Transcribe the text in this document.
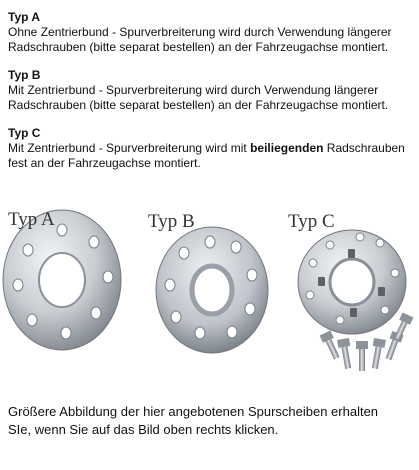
Typ A
Ohne Zentrierbund - Spurverbreiterung wird durch Verwendung längerer
Radschrauben (bitte separat bestellen) an der Fahrzeugachse montiert.
Typ B
Mit Zentrierbund - Spurverbreiterung wird durch Verwendung längerer
Radschrauben (bitte separat bestellen) an der Fahrzeugachse montiert.
Typ C
Mit Zentrierbund - Spurverbreiterung wird mit beiliegenden Radschrauben
fest an der Fahrzeugachse montiert.
Typ A	Typ B	Typ C
Größere Abbildung der hier angebotenen Spurscheiben erhalten
SIe, wenn Sie auf das Bild oben rechts klicken.
